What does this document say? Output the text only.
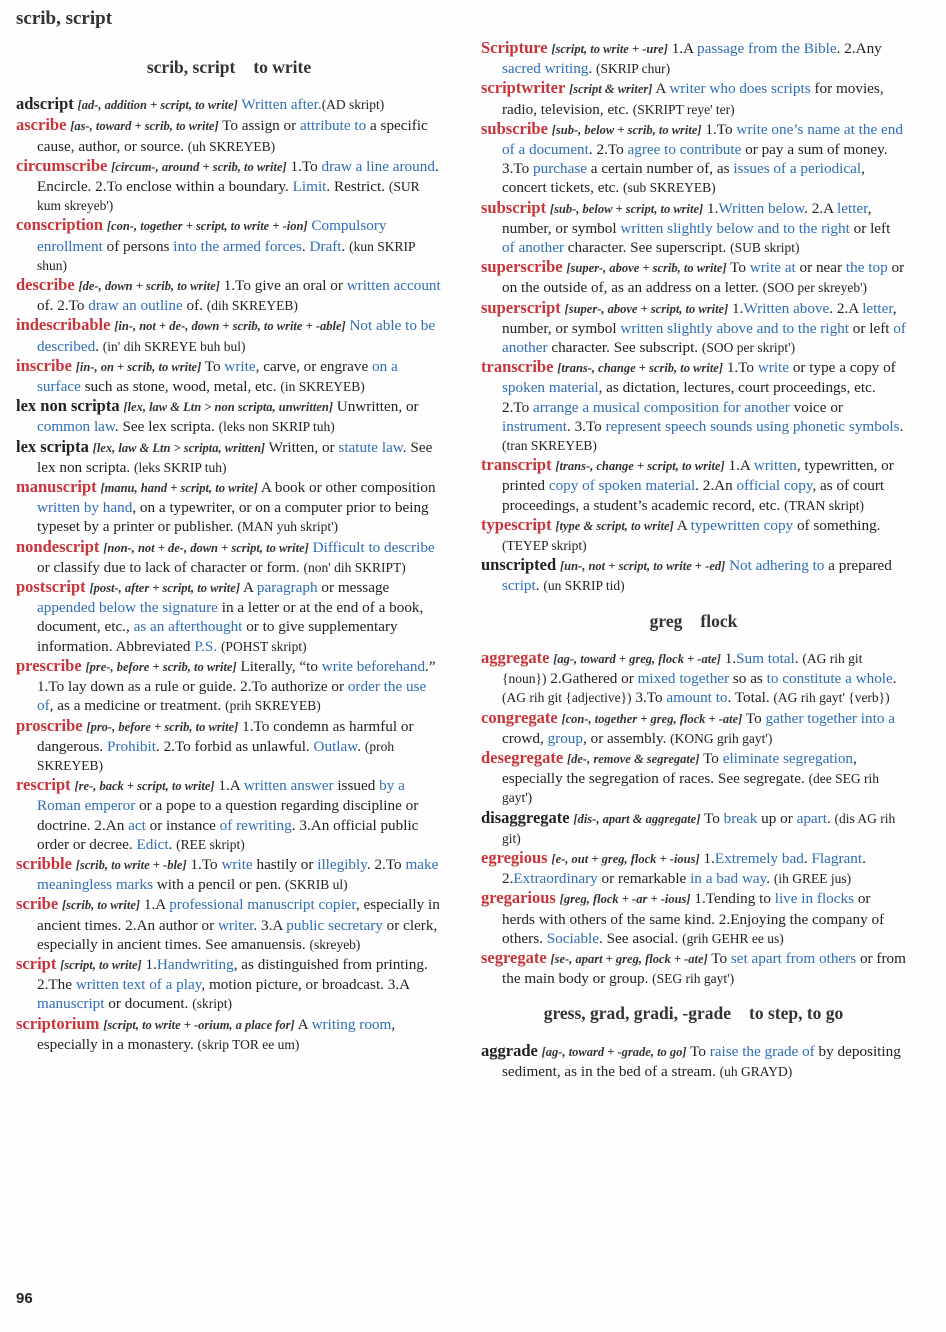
scrib, script
scrib, script to write

adscript [ad-, addition + script, to write] Written after.(AD skript)

ascribe [as-, toward + scrib, to write] To assign or attribute to a specific cause, author, or source. (uh SKREYEB)

circumscribe [circum-, around + scrib, to write] 1.To draw a line around. Encircle. 2.To enclose within a boundary. Limit. Restrict. (SUR kum skreyeb')

conscription [con-, together + script, to write + -ion] Compulsory enrollment of persons into the armed forces. Draft. (kun SKRIP shun)

describe [de-, down + scrib, to write] 1.To give an oral or written account of. 2.To draw an outline of. (dih SKREYEB)

indescribable [in-, not + de-, down + scrib, to write + -able] Not able to be described. (in' dih SKREYE buh bul)

inscribe [in-, on + scrib, to write] To write, carve, or engrave on a surface such as stone, wood, metal, etc. (in SKREYEB)

lex non scripta [lex, law & Ltn > non scripta, unwritten] Unwritten, or common law. See lex scripta. (leks non SKRIP tuh)

lex scripta [lex, law & Ltn > scripta, written] Written, or statute law. See lex non scripta. (leks SKRIP tuh)

manuscript [manu, hand + script, to write] A book or other composition written by hand, on a typewriter, or on a computer prior to being typeset by a printer or publisher. (MAN yuh skript')

nondescript [non-, not + de-, down + script, to write] Difficult to describe or classify due to lack of character or form. (non' dih SKRIPT)

postscript [post-, after + script, to write] A paragraph or message appended below the signature in a letter or at the end of a book, document, etc., as an afterthought or to give supplementary information. Abbreviated P.S. (POHST skript)

prescribe [pre-, before + scrib, to write] Literally, “to write beforehand.” 1.To lay down as a rule or guide. 2.To authorize or order the use of, as a medicine or treatment. (prih SKREYEB)

proscribe [pro-, before + scrib, to write] 1.To condemn as harmful or dangerous. Prohibit. 2.To forbid as unlawful. Outlaw. (proh SKREYEB)

rescript [re-, back + script, to write] 1.A written answer issued by a Roman emperor or a pope to a question regarding discipline or doctrine. 2.An act or instance of rewriting. 3.An official public order or decree. Edict. (REE skript)

scribble [scrib, to write + -ble] 1.To write hastily or illegibly. 2.To make meaningless marks with a pencil or pen. (SKRIB ul)

scribe [scrib, to write] 1.A professional manuscript copier, especially in ancient times. 2.An author or writer. 3.A public secretary or clerk, especially in ancient times. See amanuensis. (skreyeb)

script [script, to write] 1.Handwriting, as distinguished from printing. 2.The written text of a play, motion picture, or broadcast. 3.A manuscript or document. (skript)

scriptorium [script, to write + -orium, a place for] A writing room, especially in a monastery. (skrip TOR ee um)

Scripture [script, to write + -ure] 1.A passage from the Bible. 2.Any sacred writing. (SKRIP chur)

scriptwriter [script & writer] A writer who does scripts for movies, radio, television, etc. (SKRIPT reye' ter)

subscribe [sub-, below + scrib, to write] 1.To write one’s name at the end of a document. 2.To agree to contribute or pay a sum of money. 3.To purchase a certain number of, as issues of a periodical, concert tickets, etc. (sub SKREYEB)

subscript [sub-, below + script, to write] 1.Written below. 2.A letter, number, or symbol written slightly below and to the right or left of another character. See superscript. (SUB skript)

superscribe [super-, above + scrib, to write] To write at or near the top or on the outside of, as an address on a letter. (SOO per skreyeb')

superscript [super-, above + script, to write] 1.Written above. 2.A letter, number, or symbol written slightly above and to the right or left of another character. See subscript. (SOO per skript')

transcribe [trans-, change + scrib, to write] 1.To write or type a copy of spoken material, as dictation, lectures, court proceedings, etc. 2.To arrange a musical composition for another voice or instrument. 3.To represent speech sounds using phonetic symbols. (tran SKREYEB)

transcript [trans-, change + script, to write] 1.A written, typewritten, or printed copy of spoken material. 2.An official copy, as of court proceedings, a student’s academic record, etc. (TRAN skript)

typescript [type & script, to write] A typewritten copy of something. (TEYEP skript)

unscripted [un-, not + script, to write + -ed] Not adhering to a prepared script. (un SKRIP tid)

greg flock

aggregate [ag-, toward + greg, flock + -ate] 1.Sum total. (AG rih git {noun}) 2.Gathered or mixed together so as to constitute a whole. (AG rih git {adjective}) 3.To amount to. Total. (AG rih gayt' {verb})

congregate [con-, together + greg, flock + -ate] To gather together into a crowd, group, or assembly. (KONG grih gayt')

desegregate [de-, remove & segregate] To eliminate segregation, especially the segregation of races. See segregate. (dee SEG rih gayt')

disaggregate [dis-, apart & aggregate] To break up or apart. (dis AG rih git)

egregious [e-, out + greg, flock + -ious] 1.Extremely bad. Flagrant. 2.Extraordinary or remarkable in a bad way. (ih GREE jus)

gregarious [greg, flock + -ar + -ious] 1.Tending to live in flocks or herds with others of the same kind. 2.Enjoying the company of others. Sociable. See asocial. (grih GEHR ee us)

segregate [se-, apart + greg, flock + -ate] To set apart from others or from the main body or group. (SEG rih gayt')

gress, grad, gradi, -grade to step, to go

aggrade [ag-, toward + -grade, to go] To raise the grade of by depositing sediment, as in the bed of a stream. (uh GRAYD)

96
